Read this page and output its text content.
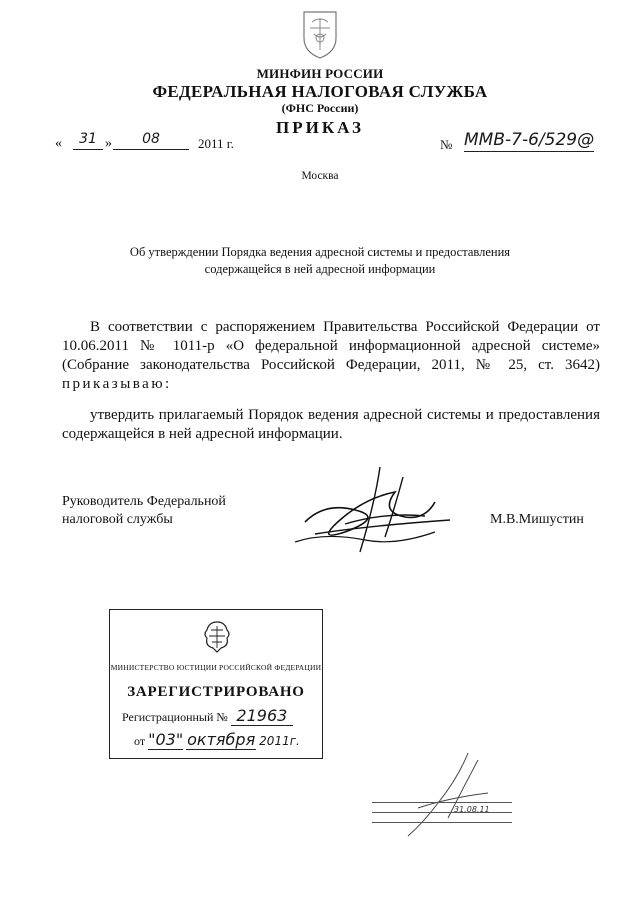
МИНФИН РОССИИ
ФЕДЕРАЛЬНАЯ НАЛОГОВАЯ СЛУЖБА
(ФНС России)
ПРИКАЗ
«	31 »	08	2011 г.	№ ММВ-7-6/529@
Москва
Об утверждении Порядка ведения адресной системы и предоставления
содержащейся в ней адресной информации
В соответствии с распоряжением Правительства Российской Федерации от 10.06.2011 № 1011-р «О федеральной информационной адресной системе» (Собрание законодательства Российской Федерации, 2011, № 25, ст. 3642) приказываю:
утвердить прилагаемый Порядок ведения адресной системы и предоставления содержащейся в ней адресной информации.
Руководитель Федеральной
налоговой службы	М.В.Мишустин
МИНИСТЕРСТВО ЮСТИЦИИ РОССИЙСКОЙ ФЕДЕРАЦИИ
ЗАРЕГИСТРИРОВАНО
Регистрационный № 21963
от "03" октября 2011г.
31.08.11
